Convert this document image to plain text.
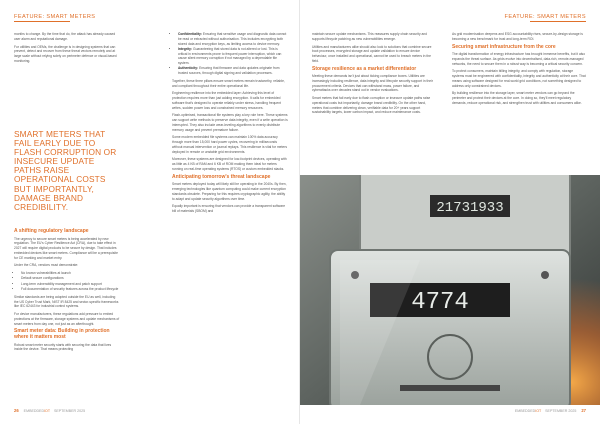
FEATURE: SMART METERS

months to change. By the time that do, the attack has already caused user alarm and reputational damage.

For utilities and OEMs, the challenge is in designing systems that can prevent, detect and recover from these threat vectors remotely and at large scale without relying solely on perimeter defence or visual-based monitoring.

SMART METERS THAT FAIL EARLY DUE TO FLASH CORRUPTION OR INSECURE UPDATE PATHS RAISE OPERATIONAL COSTS BUT IMPORTANTLY, DAMAGE BRAND CREDIBILITY.
A shifting regulatory landscape

The urgency to secure smart meters is being accelerated by new regulation. The EU's Cyber Resilience Act (CRA), due to take effect in 2027 will require digital products to be secure by design. That includes embedded devices like smart meters. Compliance will be a prerequisite for CE marking and market entry.

Under the CRA, vendors must demonstrate:

• No known vulnerabilities at launch
• Default secure configurations
• Long-term vulnerability management and patch support
• Full documentation of security features across the product lifecycle

Similar standards are being adopted outside the EU as well, including the US Cyber Trust Mark, NIST IR 8425 and sector-specific frameworks like IEC 62443 for industrial control systems.

For device manufacturers, these regulations add pressure to embed protections at the firmware, storage systems and update mechanisms of smart meters from day one, not just as an afterthought.

Smart meter data: Building in protection where it matters most

Robust smart meter security starts with securing the data that lives inside the device. That means protecting

• Confidentiality: Ensuring that sensitive usage and diagnostic data cannot be read or extracted without authorisation. This includes encrypting both stored data and encryption keys, as limiting access to device memory.
• Integrity: Guaranteeing that stored data is not altered or lost. This is critical in environments prone to frequent power interruption, which can cause silent memory corruption if not managed by a dependable file system.
• Authenticity: Ensuring that firmware and data updates originate from trusted sources, through digital signing and validation processes.

Together, these three pillars ensure smart meters remain trustworthy, reliable, and compliant throughout their entire operational life.

Engineering resilience into the embedded layer: Achieving this level of protection requires more than just adding encryption. It calls for embedded software that's designed to operate reliably under stress, handling frequent writes, sudden power loss and constrained memory resources.

Flash-optimised, transactional file systems play a key role here. These systems can support write methods to preserve data integrity, even if a write operation is interrupted. They also include wear-leveling algorithms to evenly distribute memory usage and prevent premature failure.

Some modern embedded file systems can maintain 100% data accuracy through more than 15,000 hard power cycles, recovering in milliseconds without manual intervention or journal replays. This resilience is vital for meters deployed in remote or unstable grid environments.

Moreover, these systems are designed for low-footprint devices, operating with as little as 4 KB of RAM and 6 KB of ROM making them ideal for meters running on real-time operating systems (RTOS) or custom embedded stacks.

Anticipating tomorrow's threat landscape

Smart meters deployed today will likely still be operating in the 2040s. By then, emerging technologies like quantum computing could make current encryption standards obsolete. Preparing for this requires cryptographic agility, the ability to adapt and update security algorithms over time.

Equally important is ensuring that vendors can provide a transparent software bill of materials (SBOM) and

26 EMBEDDEDIOT SEPTEMBER 2025
FEATURE: SMART METERS

maintain secure update mechanisms. This reassures supply chain security and supports lifecycle patching as new vulnerabilities emerge.

Utilities and manufacturers alike should also look to solutions that combine secure boot processes, encrypted storage and update validation to ensure device behaviour, once installed and operational, cannot be used to breach meters in the field.

Storage resilience as a market differentiator

Meeting these demands isn't just about ticking compliance boxes. Utilities are increasingly including resilience, data integrity and lifecycle security support in their procurement criteria. Devices that can withstand mass, power failure, and cyberattacks over decades stand out in vendor evaluations.

Smart meters that fail early due to flash corruption or insecure update paths raise operational costs but importantly, damage brand credibility. On the other hand, meters that combine delivering clean, verifiable data for 20+ years support sustainability targets, lower carbon impact, and reduce maintenance costs.

As grid modernisation deepens and ESG accountability rises, secure-by-design storage is becoming a new benchmark for trust and long-term ROI.

Securing smart infrastructure from the core

The digital transformation of energy infrastructure has brought immense benefits, but it also expands the threat surface. As grids evolve into decentralised, data-rich, remote-managed networks, the need to secure them in a robust way is becoming a critical security concern.

To protect consumers, maintain billing integrity, and comply with regulation, storage systems must be engineered with confidentiality, integrity and authenticity at their core. That means using software designed for real-world grid conditions, not something designed to address only constrained devices.

By building resilience into the storage layer, smart meter vendors can go beyond the perimeter and protect their devices at the core. In doing so, they'll meet regulatory demands, reduce operational risk, and strengthen trust with utilities and consumers alike.

EMBEDDEDIOT SEPTEMBER 2025 27
21731933
4774
